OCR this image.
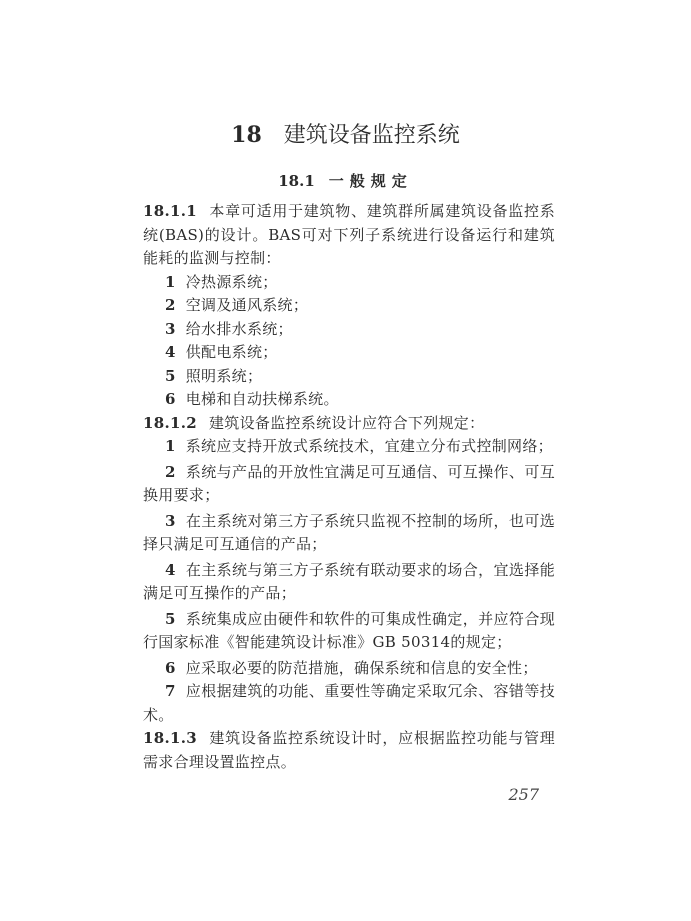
18 建筑设备监控系统
18.1 一般规定

18.1.1 本章可适用于建筑物、建筑群所属建筑设备监控系统(BAS)的设计。BAS可对下列子系统进行设备运行和建筑能耗的监测与控制：

1 冷热源系统；

2 空调及通风系统；

3 给水排水系统；

4 供配电系统；

5 照明系统；

6 电梯和自动扶梯系统。

18.1.2 建筑设备监控系统设计应符合下列规定：

1 系统应支持开放式系统技术，宜建立分布式控制网络；

2 系统与产品的开放性宜满足可互通信、可互操作、可互换用要求；

3 在主系统对第三方子系统只监视不控制的场所，也可选择只满足可互通信的产品；

4 在主系统与第三方子系统有联动要求的场合，宜选择能满足可互操作的产品；

5 系统集成应由硬件和软件的可集成性确定，并应符合现行国家标准《智能建筑设计标准》GB 50314的规定；

6 应采取必要的防范措施，确保系统和信息的安全性；

7 应根据建筑的功能、重要性等确定采取冗余、容错等技术。

18.1.3 建筑设备监控系统设计时，应根据监控功能与管理需求合理设置监控点。

257
